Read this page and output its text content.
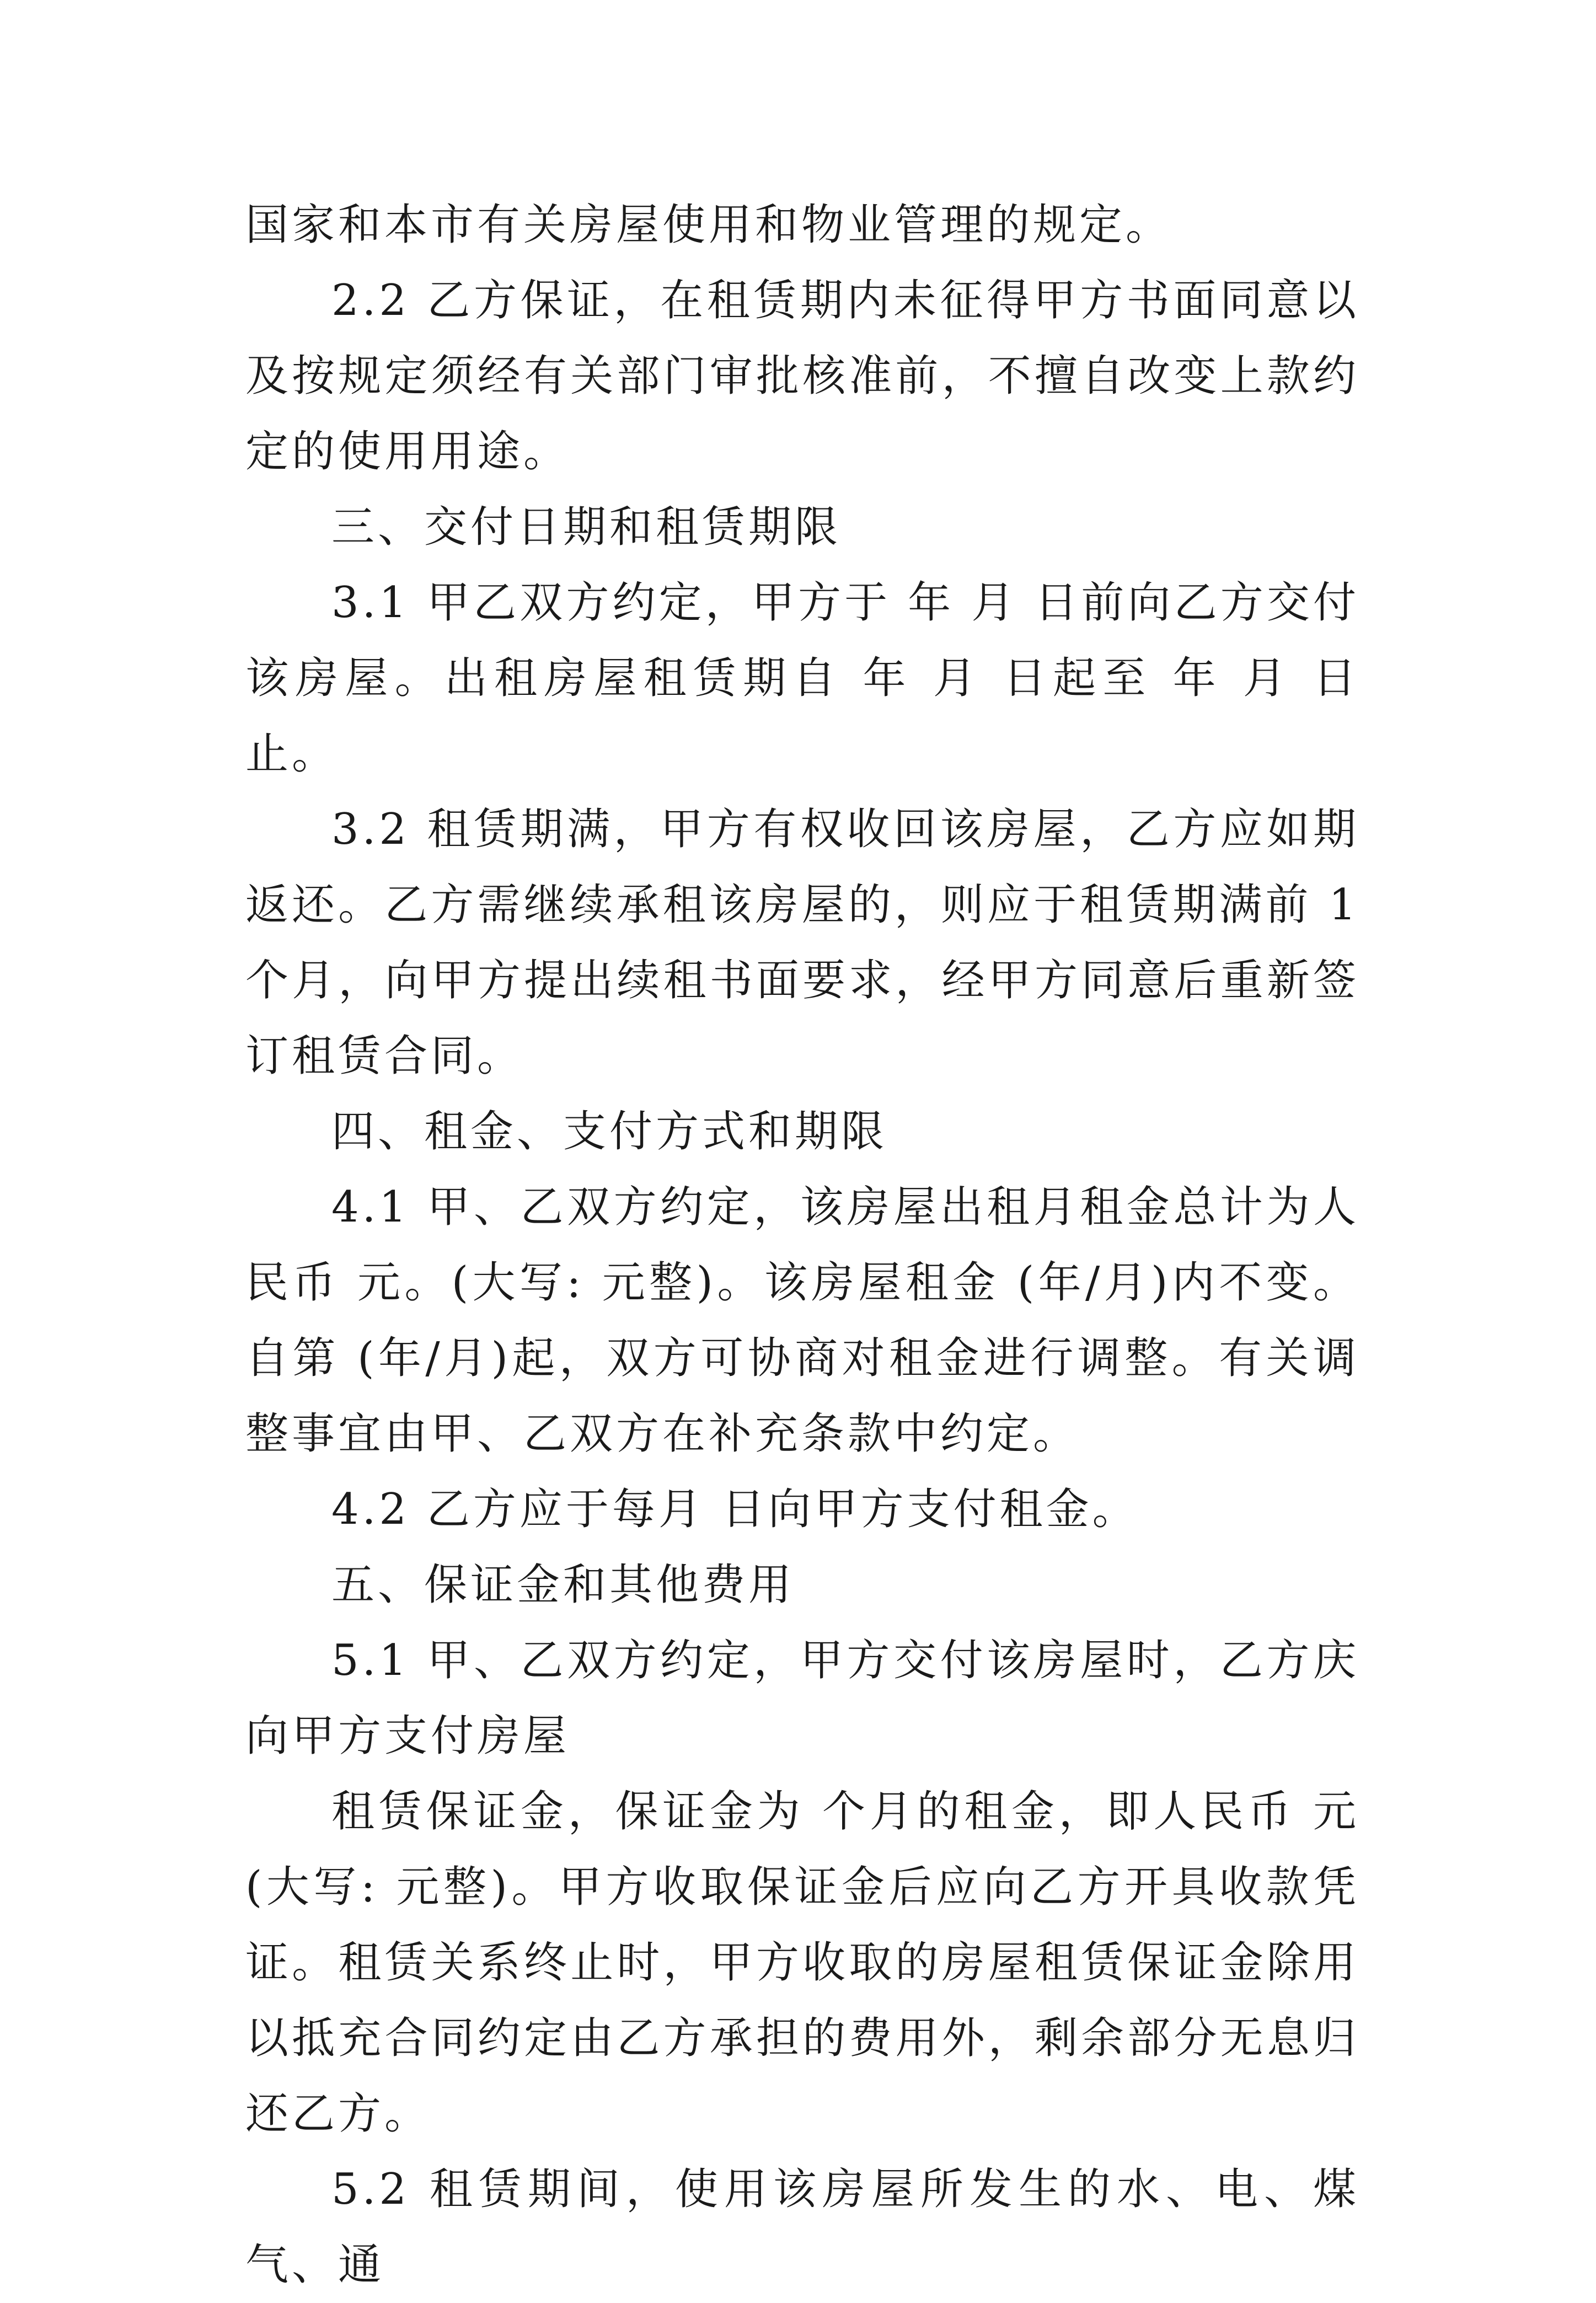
国家和本市有关房屋使用和物业管理的规定。

2.2 乙方保证，在租赁期内未征得甲方书面同意以及按规定须经有关部门审批核准前，不擅自改变上款约定的使用用途。

三、交付日期和租赁期限

3.1 甲乙双方约定，甲方于 年 月 日前向乙方交付该房屋。出租房屋租赁期自 年 月 日起至 年 月 日止。

3.2 租赁期满，甲方有权收回该房屋，乙方应如期返还。乙方需继续承租该房屋的，则应于租赁期满前 1 个月，向甲方提出续租书面要求，经甲方同意后重新签订租赁合同。

四、租金、支付方式和期限

4.1 甲、乙双方约定，该房屋出租月租金总计为人民币 元。(大写: 元整)。该房屋租金 (年/月)内不变。自第 (年/月)起，双方可协商对租金进行调整。有关调整事宜由甲、乙双方在补充条款中约定。

4.2 乙方应于每月 日向甲方支付租金。

五、保证金和其他费用

5.1 甲、乙双方约定，甲方交付该房屋时，乙方庆向甲方支付房屋

租赁保证金，保证金为 个月的租金，即人民币 元(大写: 元整)。甲方收取保证金后应向乙方开具收款凭证。租赁关系终止时，甲方收取的房屋租赁保证金除用以抵充合同约定由乙方承担的费用外，剩余部分无息归还乙方。

5.2 租赁期间，使用该房屋所发生的水、电、煤气、通
